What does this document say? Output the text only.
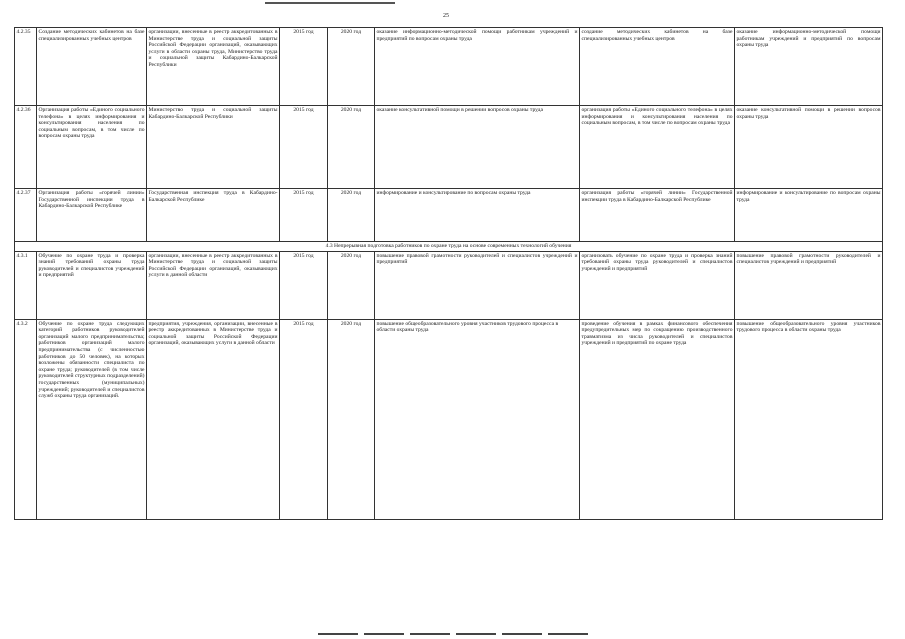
25
4.2.35	Создание методических кабинетов на базе специализированных учебных центров	организации, внесенные в реестр аккредитованных в Министерстве труда и социальной защиты Российской Федерации организаций, оказывающих услуги в области охраны труда, Министерство труда и социальной защиты Кабардино-Балкарской Республики	2015 год	2020 год	оказание информационно-методической помощи работникам учреждений и предприятий по вопросам охраны труда	создание методических кабинетов на базе специализированных учебных центров	оказание информационно-методической помощи работникам учреждений и предприятий по вопросам охраны труда
4.2.36	Организация работы «Единого социального телефона» в целях информирования и консультирования населения по социальным вопросам, в том числе по вопросам охраны труда	Министерство труда и социальной защиты Кабардино-Балкарской Республики	2015 год	2020 год	оказание консультативной помощи в решении вопросов охраны труда	организация работы «Единого социального телефона» в целях информирования и консультирования населения по социальным вопросам, в том числе по вопросам охраны труда	оказание консультативной помощи в решении вопросов охраны труда
4.2.37	Организация работы «горячей линии» Государственной инспекции труда в Кабардино-Балкарской Республике	Государственная инспекция труда в Кабардино-Балкарской Республике	2015 год	2020 год	информирование и консультирование по вопросам охраны труда	организация работы «горячей линии» Государственной инспекции труда в Кабардино-Балкарской Республике	информирование и консультирование по вопросам охраны труда
4.3 Непрерывная подготовка работников по охране труда на основе современных технологий обучения							
4.3.1	Обучение по охране труда и проверка знаний требований охраны труда руководителей и специалистов учреждений и предприятий	организации, внесенные в реестр аккредитованных в Министерстве труда и социальной защиты Российской Федерации организаций, оказывающих услуги в данной области	2015 год	2020 год	повышение правовой грамотности руководителей и специалистов учреждений и предприятий	организовать обучение по охране труда и проверка знаний требований охраны труда руководителей и специалистов учреждений и предприятий	повышение правовой грамотности руководителей и специалистов учреждений и предприятий
4.3.2	Обучение по охране труда следующих категорий работников руководителей организаций малого предпринимательства; работников организаций малого предпринимательства (с численностью работников до 50 человек), на которых возложены обязанности специалиста по охране труда; руководителей (в том числе руководителей структурных подразделений) государственных (муниципальных) учреждений; руководителей и специалистов служб охраны труда организаций.	предприятия, учреждения, организации, внесенные в реестр аккредитованных в Министерстве труда и социальной защиты Российской Федерации организаций, оказывающих услуги в данной области	2015 год	2020 год	повышение общеобразовательного уровня участников трудового процесса в области охраны труда	проведение обучения в рамках финансового обеспечения предупредительных мер по сокращению производственного травматизма из числа руководителей и специалистов учреждений и предприятий по охране труда	повышение общеобразовательного уровня участников трудового процесса в области охраны труда
